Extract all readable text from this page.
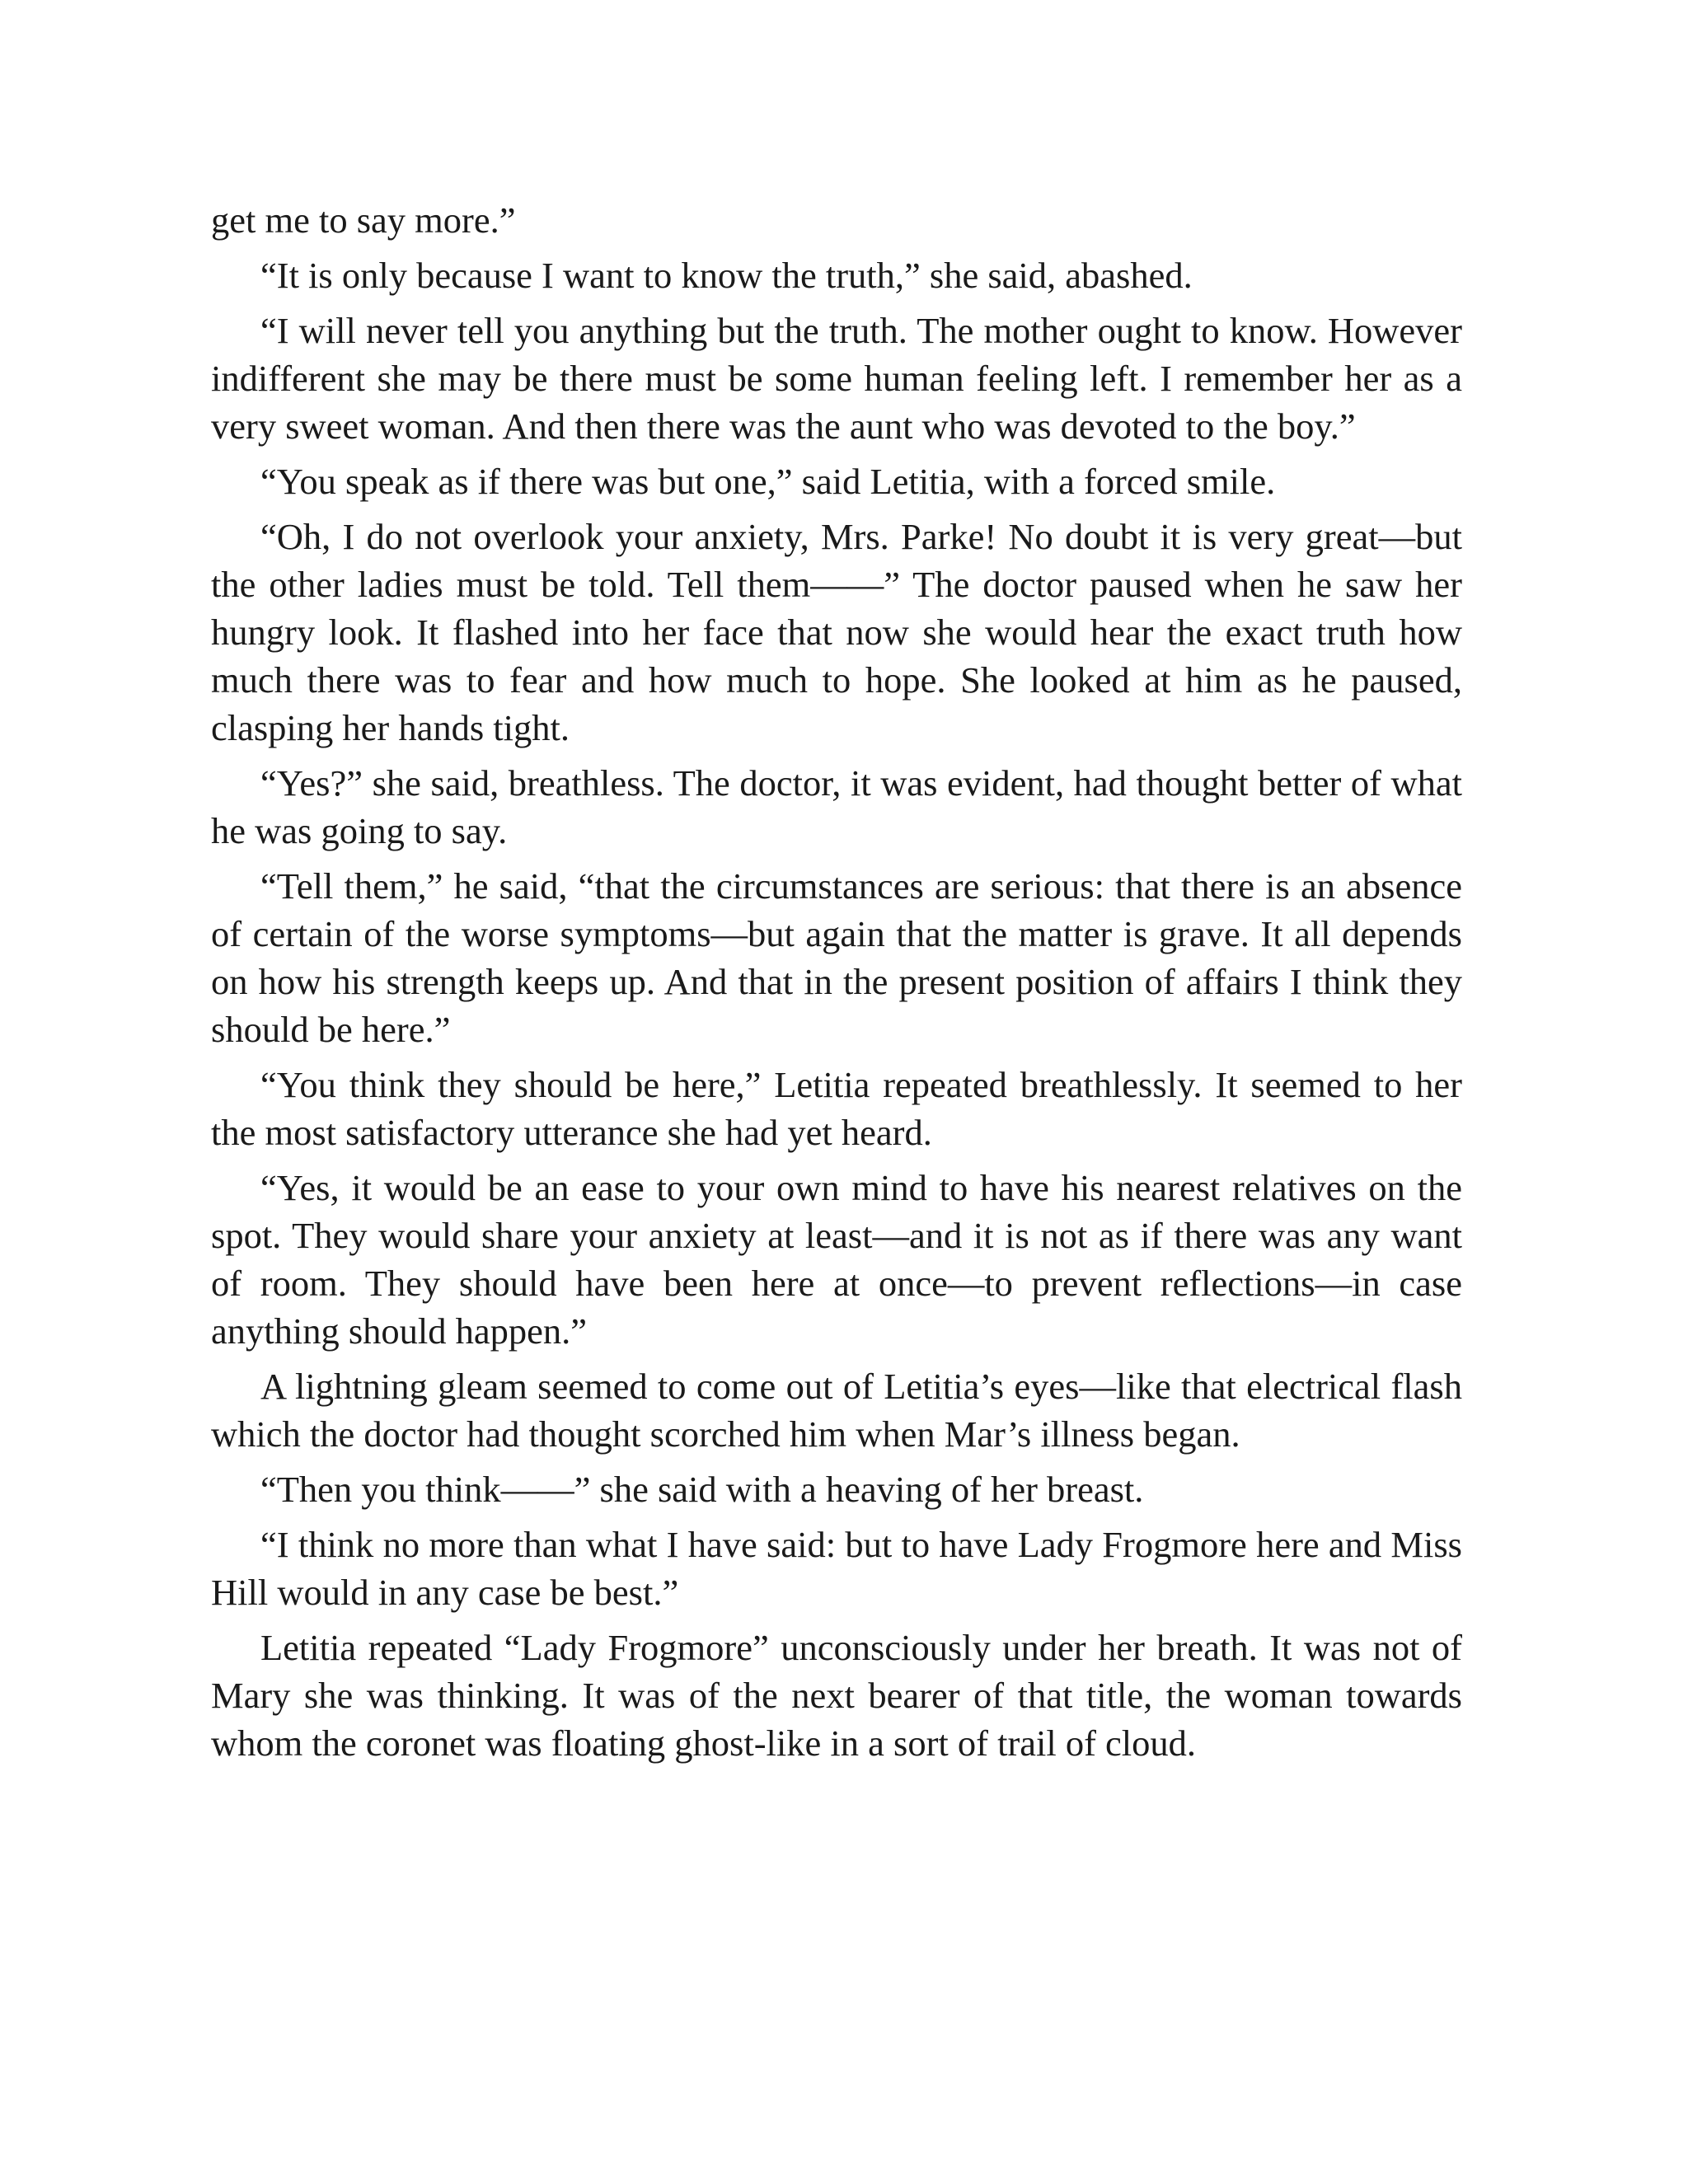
get me to say more.”

“It is only because I want to know the truth,” she said, abashed.

“I will never tell you anything but the truth. The mother ought to know. However indifferent she may be there must be some human feeling left. I remember her as a very sweet woman. And then there was the aunt who was devoted to the boy.”

“You speak as if there was but one,” said Letitia, with a forced smile.

“Oh, I do not overlook your anxiety, Mrs. Parke! No doubt it is very great—but the other ladies must be told. Tell them——” The doctor paused when he saw her hungry look. It flashed into her face that now she would hear the exact truth how much there was to fear and how much to hope. She looked at him as he paused, clasping her hands tight.

“Yes?” she said, breathless. The doctor, it was evident, had thought better of what he was going to say.

“Tell them,” he said, “that the circumstances are serious: that there is an absence of certain of the worse symptoms—but again that the matter is grave. It all depends on how his strength keeps up. And that in the present position of affairs I think they should be here.”

“You think they should be here,” Letitia repeated breathlessly. It seemed to her the most satisfactory utterance she had yet heard.

“Yes, it would be an ease to your own mind to have his nearest relatives on the spot. They would share your anxiety at least—and it is not as if there was any want of room. They should have been here at once—to prevent reflections—in case anything should happen.”

A lightning gleam seemed to come out of Letitia’s eyes—like that electrical flash which the doctor had thought scorched him when Mar’s illness began.

“Then you think——” she said with a heaving of her breast.

“I think no more than what I have said: but to have Lady Frogmore here and Miss Hill would in any case be best.”

Letitia repeated “Lady Frogmore” unconsciously under her breath. It was not of Mary she was thinking. It was of the next bearer of that title, the woman towards whom the coronet was floating ghost-like in a sort of trail of cloud.
